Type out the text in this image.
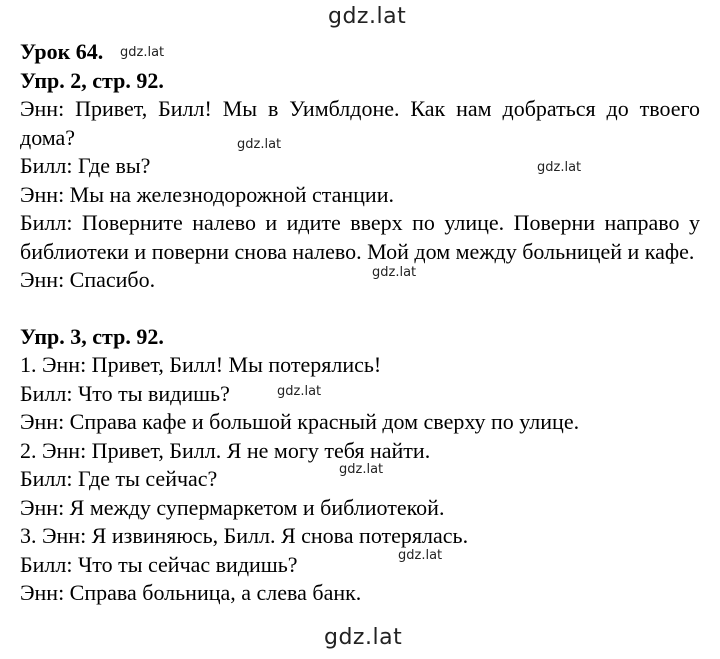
gdz.lat
gdz.lat
gdz.lat
gdz.lat
gdz.lat
gdz.lat
gdz.lat
gdz.lat
gdz.lat

Урок 64.

Упр. 2, стр. 92.

Энн: Привет, Билл! Мы в Уимблдоне. Как нам добраться до твоего дома?

Билл: Где вы?

Энн: Мы на железнодорожной станции.

Билл: Поверните налево и идите вверх по улице. Поверни направо у библиотеки и поверни снова налево. Мой дом между больницей и кафе.

Энн: Спасибо.

Упр. 3, стр. 92.

1. Энн: Привет, Билл! Мы потерялись!

Билл: Что ты видишь?

Энн: Справа кафе и большой красный дом сверху по улице.

2. Энн: Привет, Билл. Я не могу тебя найти.

Билл: Где ты сейчас?

Энн: Я между супермаркетом и библиотекой.

3. Энн: Я извиняюсь, Билл. Я снова потерялась.

Билл: Что ты сейчас видишь?

Энн: Справа больница, а слева банк.
